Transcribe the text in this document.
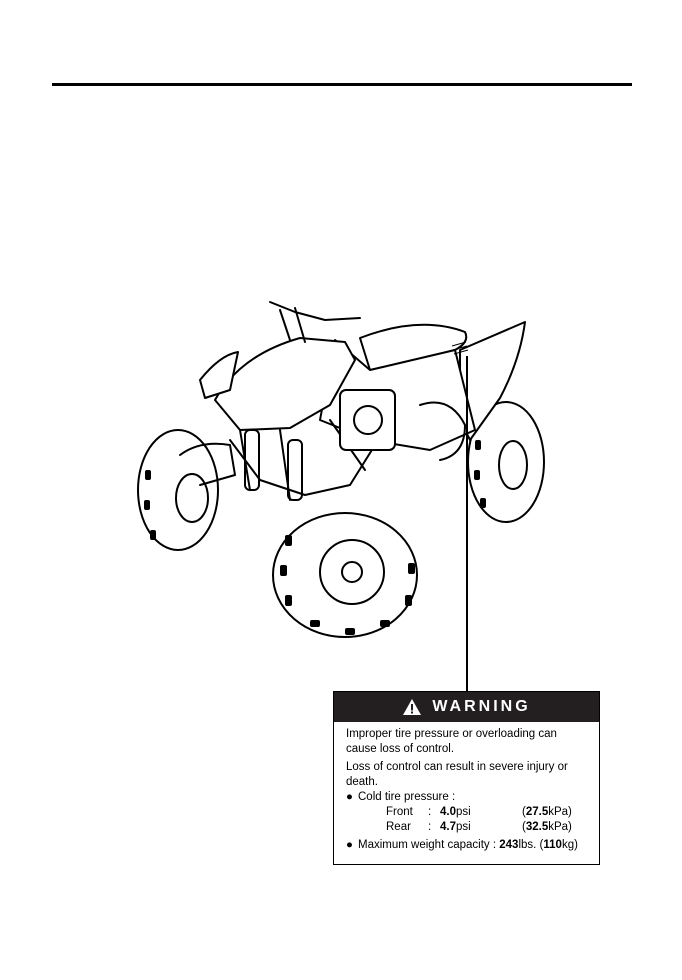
WARNING

Improper tire pressure or overloading can cause loss of control.

Loss of control can result in severe injury or death.

● Cold tire pressure :

Front	: 4.0psi	(27.5kPa)
Rear	: 4.7psi	(32.5kPa)

● Maximum weight capacity : 243lbs. (110kg)
